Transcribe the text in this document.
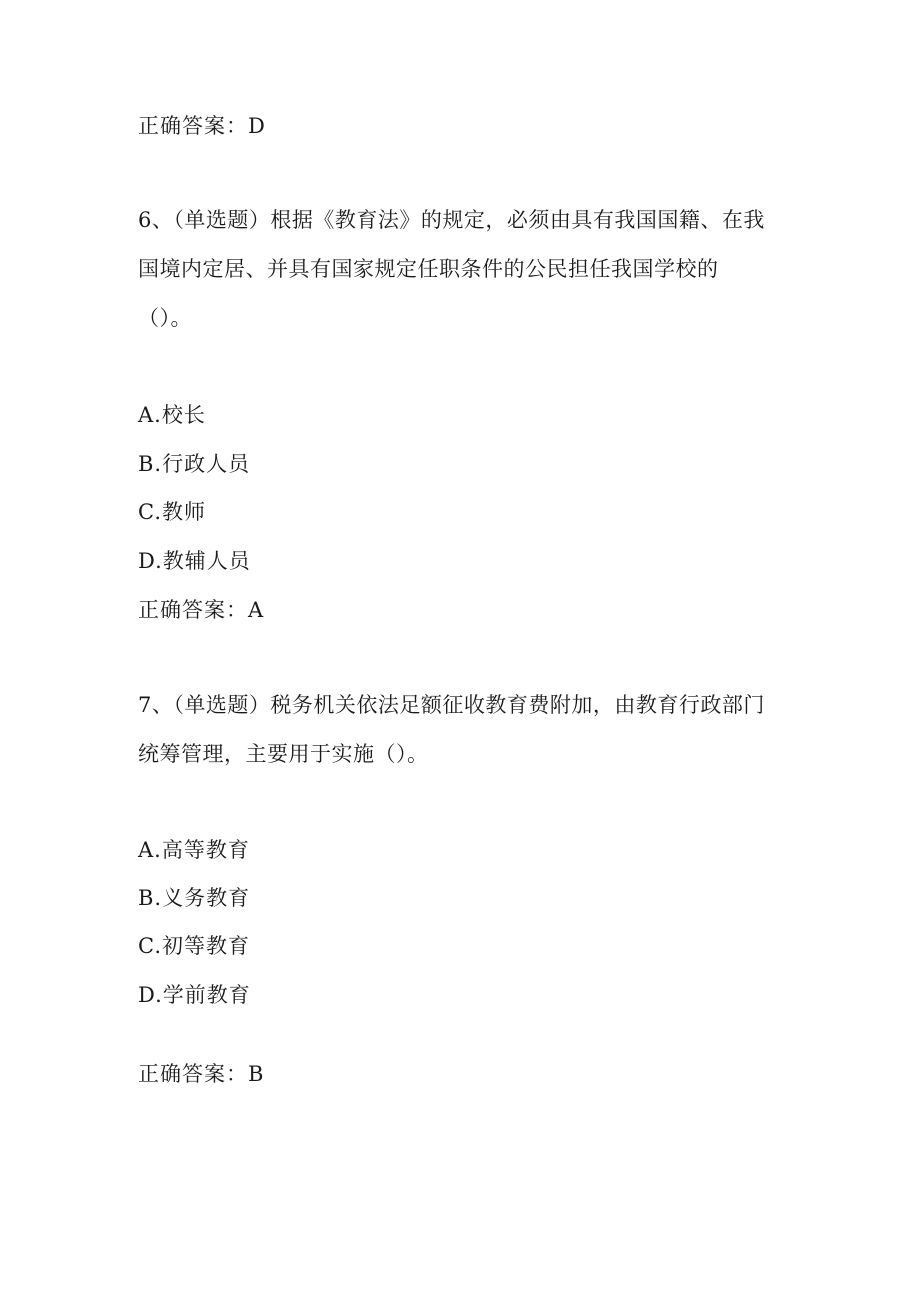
正确答案：D
6、（单选题）根据《教育法》的规定，必须由具有我国国籍、在我
国境内定居、并具有国家规定任职条件的公民担任我国学校的
（）。
A.校长
B.行政人员
C.教师
D.教辅人员
正确答案：A
7、（单选题）税务机关依法足额征收教育费附加，由教育行政部门
统筹管理，主要用于实施（）。
A.高等教育
B.义务教育
C.初等教育
D.学前教育
正确答案：B
